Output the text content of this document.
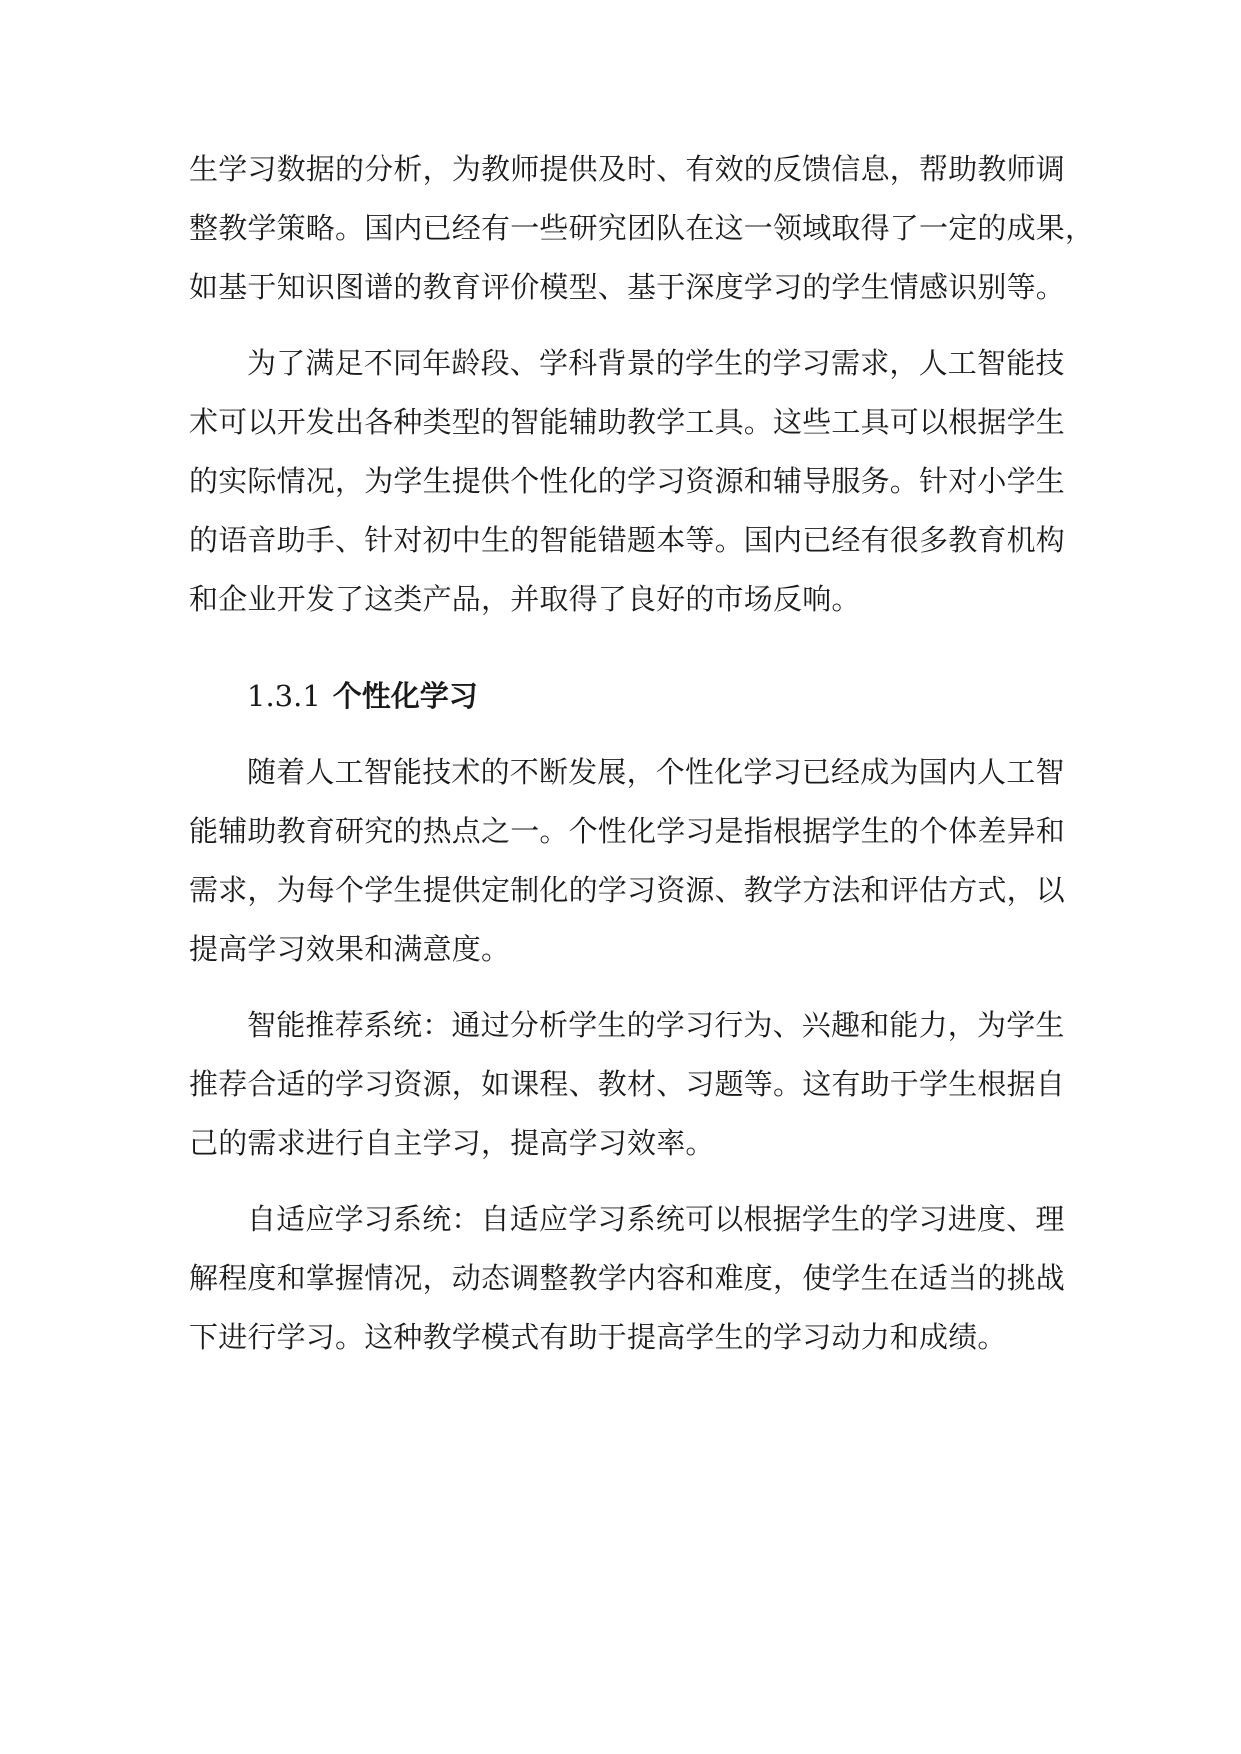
生学习数据的分析，为教师提供及时、有效的反馈信息，帮助教师调
整教学策略。国内已经有一些研究团队在这一领域取得了一定的成果，
如基于知识图谱的教育评价模型、基于深度学习的学生情感识别等。

为了满足不同年龄段、学科背景的学生的学习需求，人工智能技
术可以开发出各种类型的智能辅助教学工具。这些工具可以根据学生
的实际情况，为学生提供个性化的学习资源和辅导服务。针对小学生
的语音助手、针对初中生的智能错题本等。国内已经有很多教育机构
和企业开发了这类产品，并取得了良好的市场反响。

1.3.1 个性化学习

随着人工智能技术的不断发展，个性化学习已经成为国内人工智
能辅助教育研究的热点之一。个性化学习是指根据学生的个体差异和
需求，为每个学生提供定制化的学习资源、教学方法和评估方式，以
提高学习效果和满意度。

智能推荐系统：通过分析学生的学习行为、兴趣和能力，为学生
推荐合适的学习资源，如课程、教材、习题等。这有助于学生根据自
己的需求进行自主学习，提高学习效率。

自适应学习系统：自适应学习系统可以根据学生的学习进度、理
解程度和掌握情况，动态调整教学内容和难度，使学生在适当的挑战
下进行学习。这种教学模式有助于提高学生的学习动力和成绩。
